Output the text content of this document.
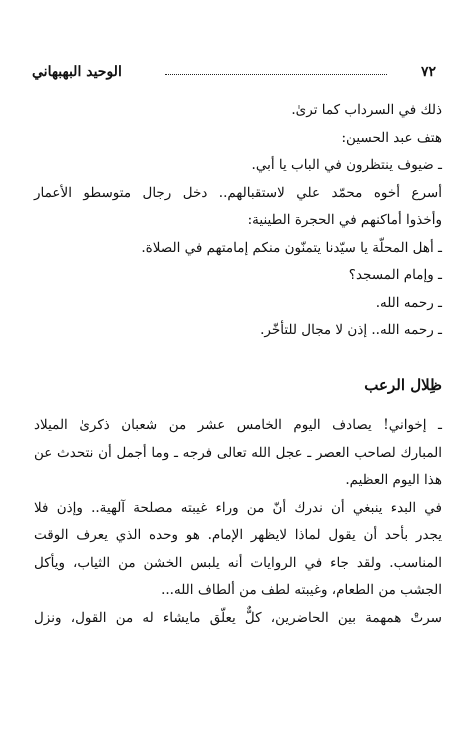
الوحيد البهبهاني	٧٢
ذلك في السرداب كما ترىٰ.
هتف عبد الحسين:
ـ ضيوف ينتظرون في الباب يا أبي.
أسرع أخوه محمّد علي لاستقبالهم.. دخل رجال متوسطو الأعمار
وأخذوا أماكنهم في الحجرة الطينية:
ـ أهل المحلّة يا سيّدنا يتمنّون منكم إمامتهم في الصلاة.
ـ وإمام المسجد؟
ـ رحمه الله.
ـ رحمه الله.. إذن لا مجال للتأخّر.
ظِلال الرعب
ـ إخواني! يصادف اليوم الخامس عشر من شعبان ذكرىٰ الميلاد
المبارك لصاحب العصر ـ عجل الله تعالى فرجه ـ وما أجمل أن نتحدث عن
هذا اليوم العظيم.
في البدء ينبغي أن ندرك أنّ من وراء غيبته مصلحة آلهية.. وإذن فلا
يجدر بأحد أن يقول لماذا لايظهر الإمام. هو وحده الذي يعرف الوقت
المناسب. ولقد جاء في الروايات أنه يلبس الخشن من الثياب، ويأكل
الجشب من الطعام، وغيبته لطف من ألطاف الله...
سرتْ همهمة بين الحاضرين، كلٌّ يعلّق مايشاء له من القول، ونزل
